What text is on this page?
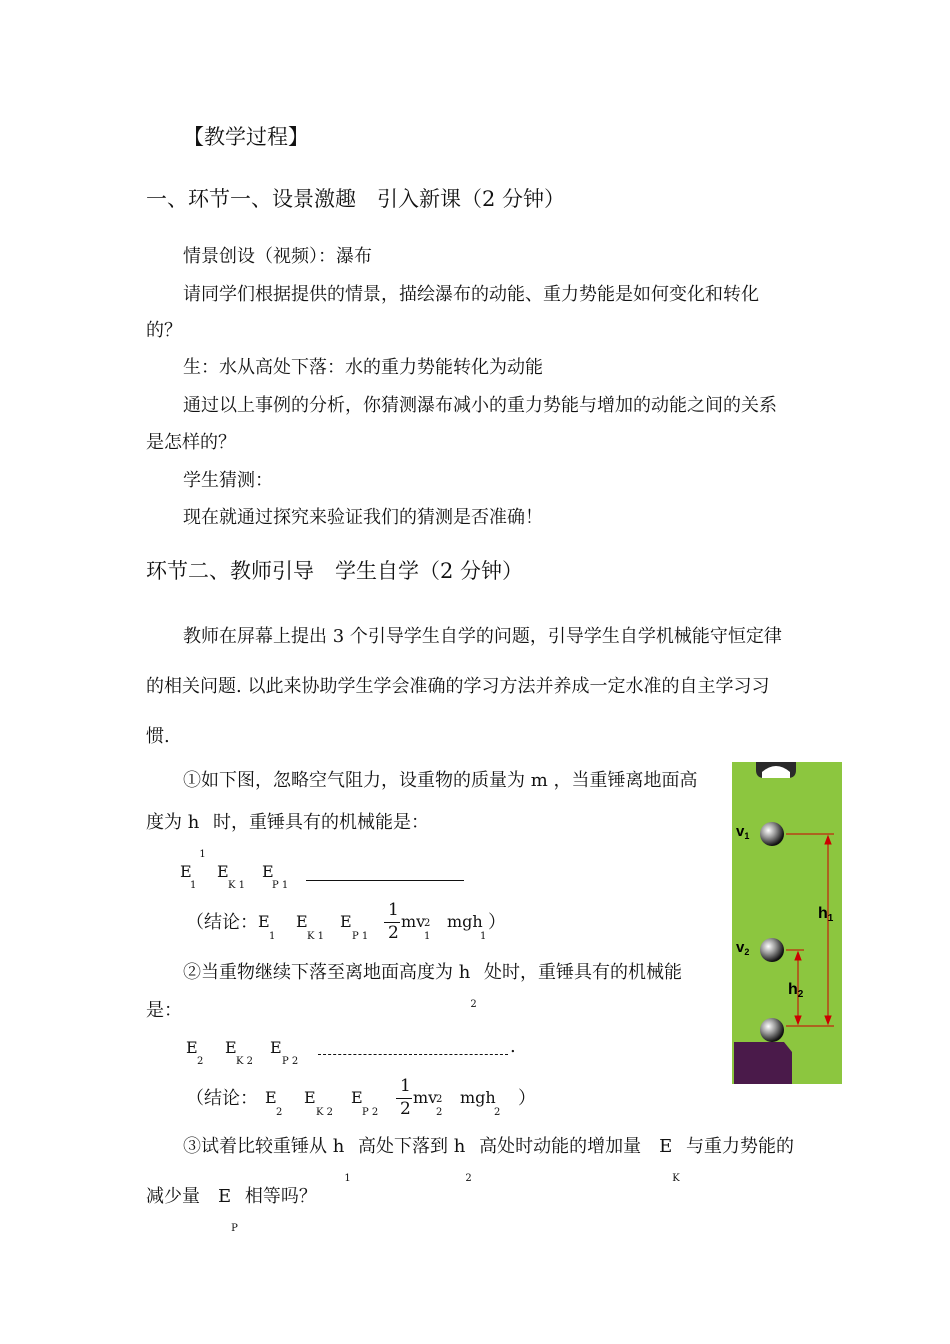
【教学过程】
一、环节一、设景激趣　引入新课（2 分钟）
情景创设（视频）：瀑布
请同学们根据提供的情景，描绘瀑布的动能、重力势能是如何变化和转化
的？
生：水从高处下落：水的重力势能转化为动能
通过以上事例的分析，你猜测瀑布减小的重力势能与增加的动能之间的关系
是怎样的？
学生猜测：
现在就通过探究来验证我们的猜测是否准确！
环节二、教师引导　学生自学（2 分钟）
教师在屏幕上提出 3 个引导学生自学的问题，引导学生自学机械能守恒定律
的相关问题. 以此来协助学生学会准确的学习方法并养成一定水准的自主学习习
惯.
①如下图，忽略空气阻力，设重物的质量为 m ，当重锤离地面高
度为 h
1
时，重锤具有的机械能是：
E
1
E
K 1
E
P 1
（结论： E
1
E
K 1
E
P 1
1
2
mv
2
1
mgh
1
）
②当重物继续下落至离地面高度为 h
2
处时，重锤具有的机械能
是：
E
2
E
K 2
E
P 2
.
（结论： E
2
E
K 2
E
P 2
1
2
mv
2
2
mgh
2
）
③试着比较重锤从 h
1
高处下落到 h
2
高处时动能的增加量　E
K
与重力势能的
减少量　E
P
相等吗？
$v_1$
$v_2$
h1
h2
